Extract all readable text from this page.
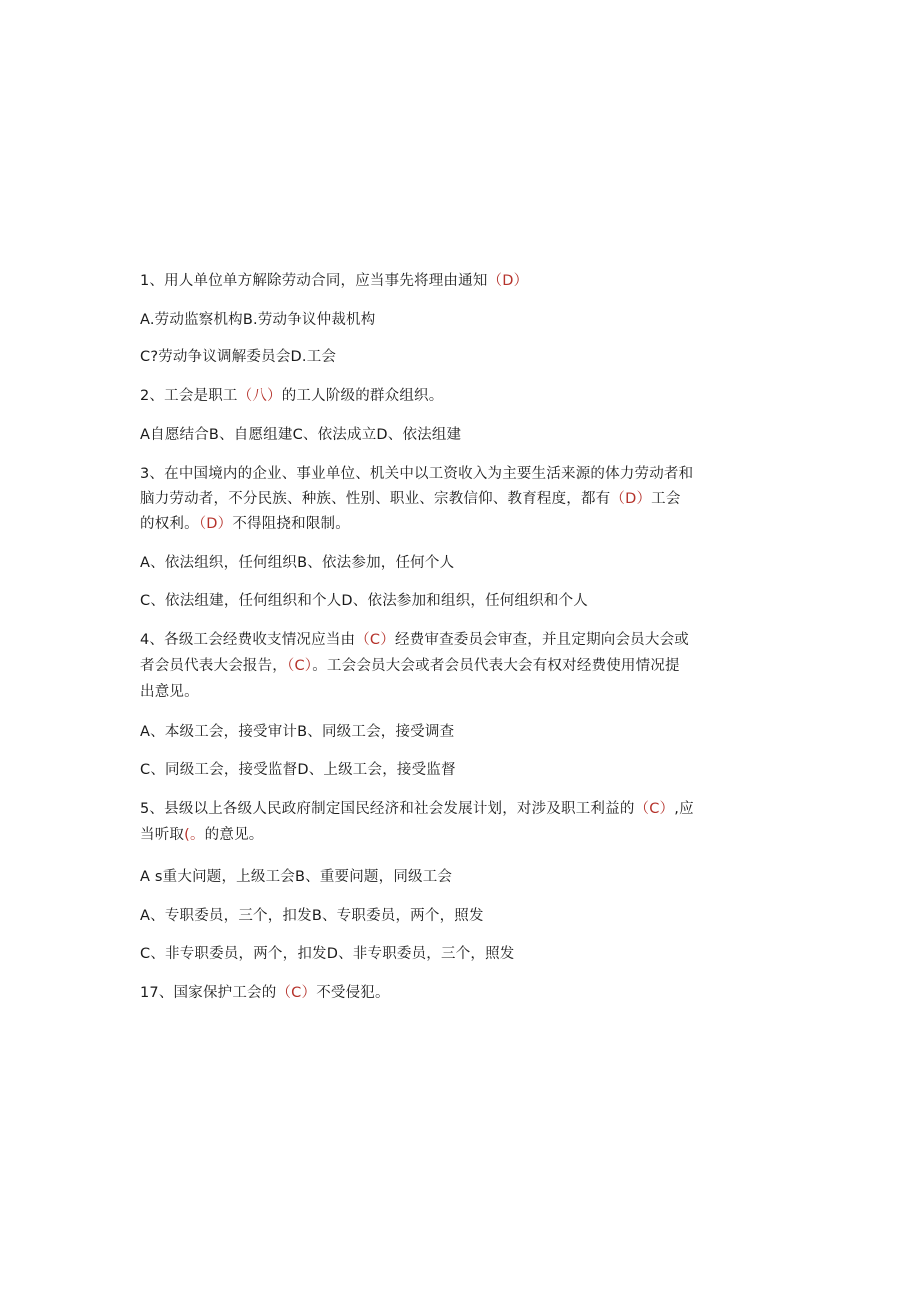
1、用人单位单方解除劳动合同，应当事先将理由通知（D）
A.劳动监察机构B.劳动争议仲裁机构
C?劳动争议调解委员会D.工会
2、工会是职工（八）的工人阶级的群众组织。
A自愿结合B、自愿组建C、依法成立D、依法组建
3、在中国境内的企业、事业单位、机关中以工资收入为主要生活来源的体力劳动者和
脑力劳动者，不分民族、种族、性别、职业、宗教信仰、教育程度，都有（D）工会
的权利。（D）不得阻挠和限制。
A、依法组织，任何组织B、依法参加，任何个人
C、依法组建，任何组织和个人D、依法参加和组织，任何组织和个人
4、各级工会经费收支情况应当由（C）经费审查委员会审查，并且定期向会员大会或
者会员代表大会报告，（C）。工会会员大会或者会员代表大会有权对经费使用情况提
出意见。
A、本级工会，接受审计B、同级工会，接受调查
C、同级工会，接受监督D、上级工会，接受监督
5、县级以上各级人民政府制定国民经济和社会发展计划，对涉及职工利益的（C）,应
当听取(。的意见。
A s重大问题，上级工会B、重要问题，同级工会
A、专职委员，三个，扣发B、专职委员，两个，照发
C、非专职委员，两个，扣发D、非专职委员，三个，照发
17、国家保护工会的（C）不受侵犯。
